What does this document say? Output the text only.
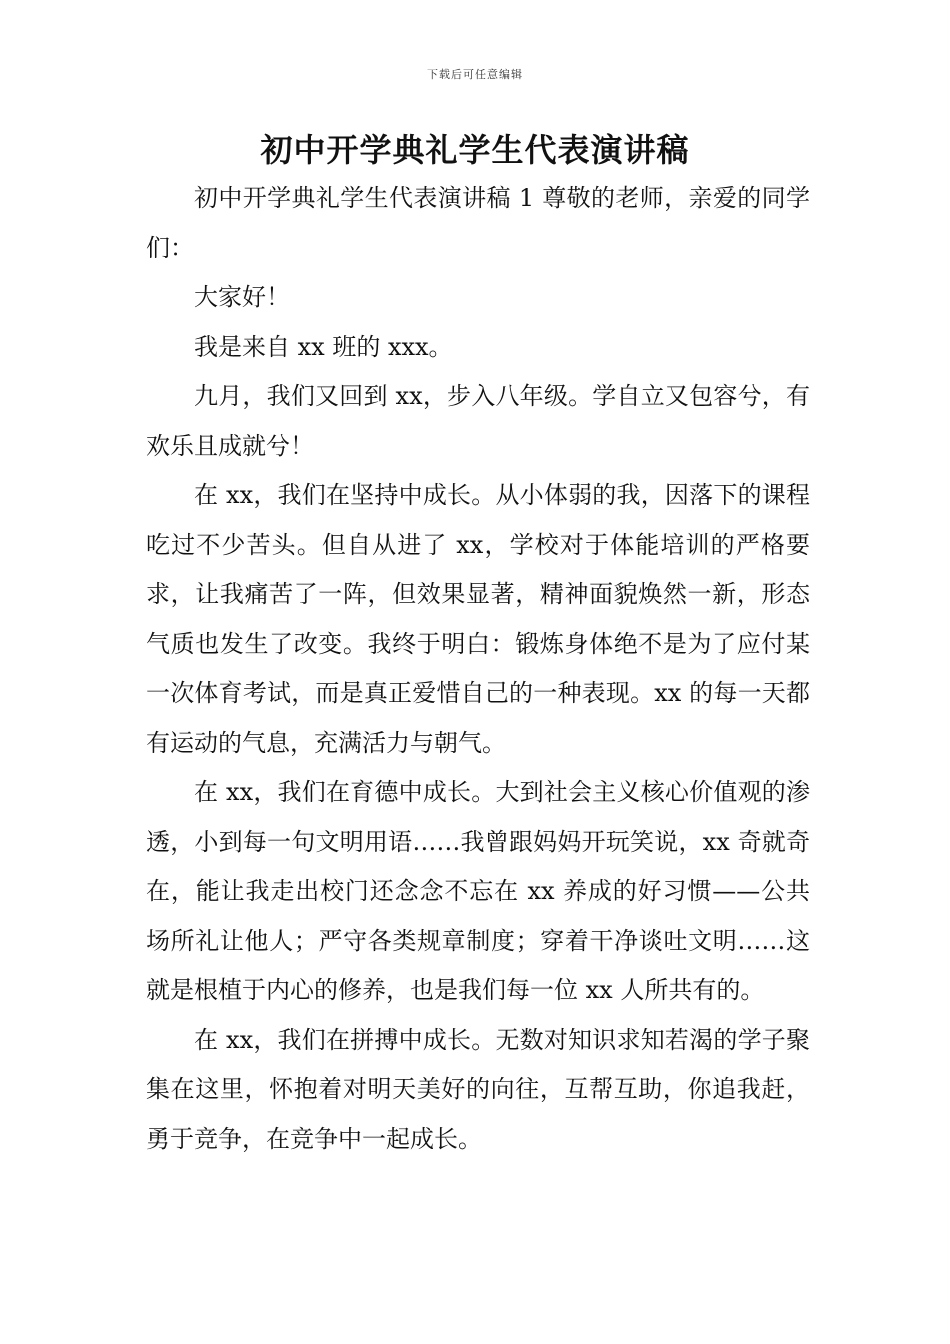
下载后可任意编辑
初中开学典礼学生代表演讲稿

初中开学典礼学生代表演讲稿 1 尊敬的老师，亲爱的同学们：

大家好！

我是来自 xx 班的 xxx。

九月，我们又回到 xx，步入八年级。学自立又包容兮，有欢乐且成就兮！

在 xx，我们在坚持中成长。从小体弱的我，因落下的课程吃过不少苦头。但自从进了 xx，学校对于体能培训的严格要求，让我痛苦了一阵，但效果显著，精神面貌焕然一新，形态气质也发生了改变。我终于明白：锻炼身体绝不是为了应付某一次体育考试，而是真正爱惜自己的一种表现。xx 的每一天都有运动的气息，充满活力与朝气。

在 xx，我们在育德中成长。大到社会主义核心价值观的渗透，小到每一句文明用语……我曾跟妈妈开玩笑说，xx 奇就奇在，能让我走出校门还念念不忘在 xx 养成的好习惯——公共场所礼让他人；严守各类规章制度；穿着干净谈吐文明……这就是根植于内心的修养，也是我们每一位 xx 人所共有的。

在 xx，我们在拼搏中成长。无数对知识求知若渴的学子聚集在这里，怀抱着对明天美好的向往，互帮互助，你追我赶，勇于竞争，在竞争中一起成长。
